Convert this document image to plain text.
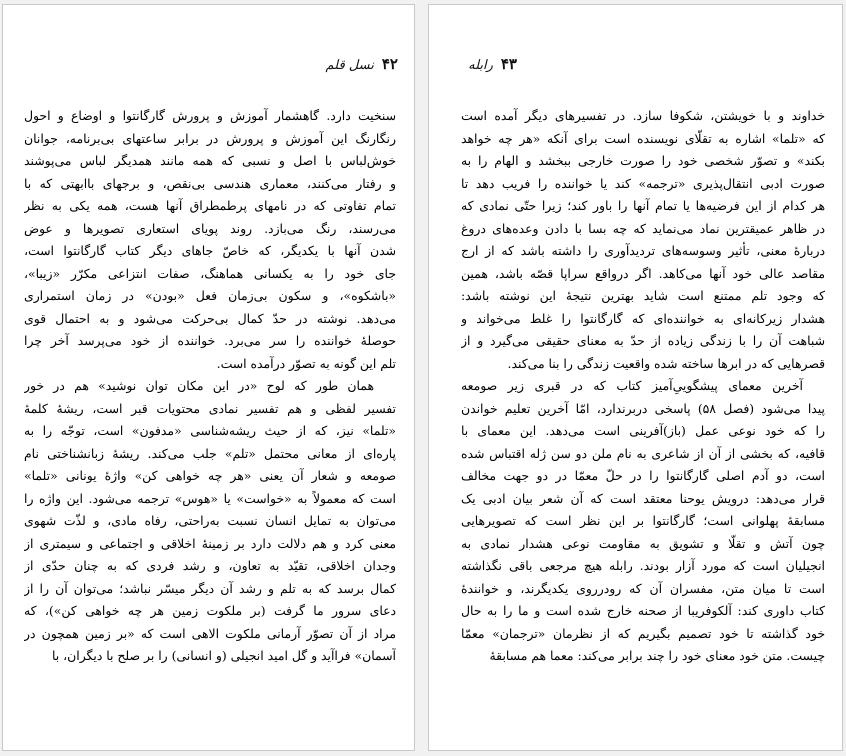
۴۲
نسل قلم
سنخیت دارد. گاهشمار آموزش و پرورش گارگانتوا و اوضاع و احول
رنگارنگ این آموزش و پرورش در برابر ساعتهای بی‌برنامه، جوانان
خوش‌لباس با اصل و نسبی که همه مانند همدیگر لباس می‌پوشند
و رفتار می‌کنند، معماری هندسی بی‌نقص، و برجهای باابهتی که با
تمام تفاوتی که در نامهای پرطمطراق آنها هست، همه یکی به نظر
می‌رسند، رنگ می‌بازد. روند پویای استعاری تصویرها و عوض
شدن آنها با یکدیگر، که خاصّ جاهای دیگر کتاب گارگانتوا است،
جای خود را به یکسانی هماهنگ، صفات انتزاعی مکرّر «زیبا»،
«باشکوه»، و سکون بی‌زمان فعل «بودن» در زمان استمراری
می‌دهد. نوشته در حدّ کمال بی‌حرکت می‌شود و به احتمال قوی
حوصلهٔ خواننده را سر می‌برد. خواننده از خود می‌پرسد آخر چرا
تلم این گونه به تصوّر درآمده است.
همان طور که لوح «در این مکان توان نوشید» هم در خور
تفسیر لفظی و هم تفسیر نمادی محتویات قبر است، ریشهٔ کلمهٔ
«تلما» نیز، که از حیث ریشه‌شناسی «مدفون» است، توجّه را به
پاره‌ای از معانی محتمل «تلم» جلب می‌کند. ریشهٔ زبانشناختی نام
صومعه و شعار آن یعنی «هر چه خواهی کن» واژهٔ یونانی «تلما»
است که معمولاً به «خواست» یا «هوس» ترجمه می‌شود. این واژه را
می‌توان به تمایل انسان نسبت به‌راحتی، رفاه مادی، و لذّت شهوی
معنی کرد و هم دلالت دارد بر زمینهٔ اخلاقی و اجتماعی و سیمتری از
وجدان اخلاقی، تقیّد به تعاون، و رشد فردی که به چنان حدّی از
کمال برسد که به تلم و رشد آن دیگر میسّر نباشد؛ می‌توان آن را از
دعای سرور ما گرفت (بر ملکوت زمین هر چه خواهی کن»)، که
مراد از آن تصوّر آرمانی ملکوت الاهی است که «بر زمین همچون در
آسمان» فراآید و گل امید انجیلی (و انسانی) را بر صلح با دیگران، با
۴۳
رابله
خداوند و با خویشتن، شکوفا سازد. در تفسیرهای دیگر آمده است
که «تلما» اشاره به تقلّای نویسنده است برای آنکه «هر چه خواهد
بکند» و تصوّر شخصی خود را صورت خارجی ببخشد و الهام را به
صورت ادبی انتقال‌پذیری «ترجمه» کند یا خواننده را فریب دهد تا
هر کدام از این فرضیه‌ها یا تمام آنها را باور کند؛ زیرا حتّی نمادی که
در ظاهر عمیقترین نماد می‌نماید که چه بسا با دادن وعده‌های دروغ
دربارهٔ معنی، تأثیر وسوسه‌های تردیدآوری را داشته باشد که از ارج
مقاصد عالی خود آنها می‌کاهد. اگر درواقع سراپا قصّه باشد، همین
که وجود تلم ممتنع است شاید بهترین نتیجهٔ این نوشته باشد:
هشدار زیرکانه‌ای به خواننده‌ای که گارگانتوا را غلط می‌خواند و
شباهت آن را با زندگی زیاده از حدّ به معنای حقیقی می‌گیرد و از
قصرهایی که در ابرها ساخته شده واقعیت زندگی را بنا می‌کند.
آخرین معمای پیشگوییِ‌آمیز کتاب که در قبری زیر صومعه
پیدا می‌شود (فصل ۵۸) پاسخی دربرندارد، امّا آخرین تعلیم خواندن
را که خود نوعی عمل (باز)آفرینی است می‌دهد. این معمای با
قافیه، که بخشی از آن از شاعری به نام ملن دو سن ژله اقتباس شده
است، دو آدم اصلی گارگانتوا را در حلّ معمّا در دو جهت مخالف
قرار می‌دهد: درویش یوحنا معتقد است که آن شعر بیان ادبی یک
مسابقهٔ پهلوانی است؛ گارگانتوا بر این نظر است که تصویرهایی
چون آتش و تقلّا و تشویق به مقاومت نوعی هشدار نمادی به
انجیلیان است که مورد آزار بودند. رابله هیچ مرجعی باقی نگذاشته
است تا میان متن، مفسران آن که رودرروی یکدیگرند، و خوانندهٔ
کتاب داوری کند: آلکوفریبا از صحنه خارج شده است و ما را به حال
خود گذاشته تا خود تصمیم بگیریم که از نظرمان «ترجمان» معمّا
چیست. متن خود معنای خود را چند برابر می‌کند: معما هم مسابقهٔ
